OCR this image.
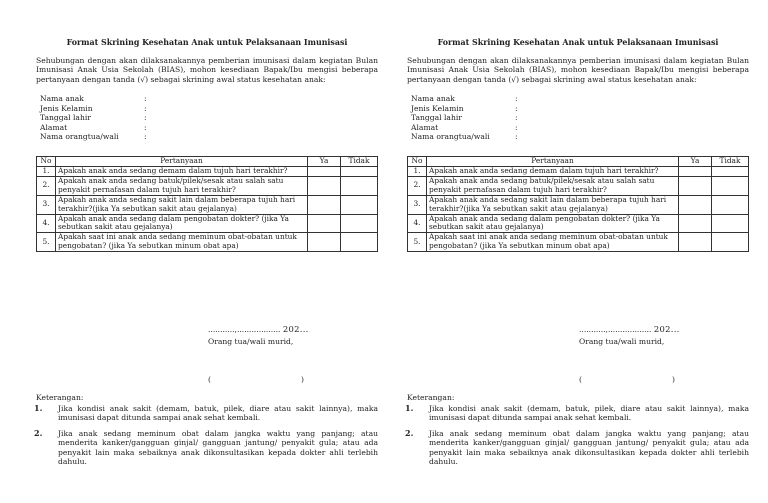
Format Skrining Kesehatan Anak untuk Pelaksanaan Imunisasi
Sehubungan dengan akan dilaksanakannya pemberian imunisasi dalam kegiatan Bulan Imunisasi Anak Usia Sekolah (BIAS), mohon kesediaan Bapak/Ibu mengisi beberapa pertanyaan dengan tanda (√) sebagai skrining awal status kesehatan anak:
Nama anak	:
Jenis Kelamin	:
Tanggal lahir	:
Alamat	:
Nama orangtua/wali	:
No	Pertanyaan	Ya	Tidak
1.	Apakah anak anda sedang demam dalam tujuh hari terakhir?		
2.	Apakah anak anda sedang batuk/pilek/sesak atau salah satu penyakit pernafasan dalam tujuh hari terakhir?		
3.	Apakah anak anda sedang sakit lain dalam beberapa tujuh hari terakhir?(jika Ya sebutkan sakit atau gejalanya)		
4.	Apakah anak anda sedang dalam pengobatan dokter? (jika Ya sebutkan sakit atau gejalanya)		
5.	Apakah saat ini anak anda sedang meminum obat-obatan untuk pengobatan? (jika Ya sebutkan minum obat apa)		
...........,.................. 202...
Orang tua/wali murid,
(	)
Keterangan:
1. Jika kondisi anak sakit (demam, batuk, pilek, diare atau sakit lainnya), maka imunisasi dapat ditunda sampai anak sehat kembali.
2. Jika anak sedang meminum obat dalam jangka waktu yang panjang; atau menderita kanker/gangguan ginjal/ gangguan jantung/ penyakit gula; atau ada penyakit lain maka sebaiknya anak dikonsultasikan kepada dokter ahli terlebih dahulu.
Format Skrining Kesehatan Anak untuk Pelaksanaan Imunisasi
Sehubungan dengan akan dilaksanakannya pemberian imunisasi dalam kegiatan Bulan Imunisasi Anak Usia Sekolah (BIAS), mohon kesediaan Bapak/Ibu mengisi beberapa pertanyaan dengan tanda (√) sebagai skrining awal status kesehatan anak:
Nama anak	:
Jenis Kelamin	:
Tanggal lahir	:
Alamat	:
Nama orangtua/wali	:
No	Pertanyaan	Ya	Tidak
1.	Apakah anak anda sedang demam dalam tujuh hari terakhir?		
2.	Apakah anak anda sedang batuk/pilek/sesak atau salah satu penyakit pernafasan dalam tujuh hari terakhir?		
3.	Apakah anak anda sedang sakit lain dalam beberapa tujuh hari terakhir?(jika Ya sebutkan sakit atau gejalanya)		
4.	Apakah anak anda sedang dalam pengobatan dokter? (jika Ya sebutkan sakit atau gejalanya)		
5.	Apakah saat ini anak anda sedang meminum obat-obatan untuk pengobatan? (jika Ya sebutkan minum obat apa)		
...........,.................. 202...
Orang tua/wali murid,
(	)
Keterangan:
1. Jika kondisi anak sakit (demam, batuk, pilek, diare atau sakit lainnya), maka imunisasi dapat ditunda sampai anak sehat kembali.
2. Jika anak sedang meminum obat dalam jangka waktu yang panjang; atau menderita kanker/gangguan ginjal/ gangguan jantung/ penyakit gula; atau ada penyakit lain maka sebaiknya anak dikonsultasikan kepada dokter ahli terlebih dahulu.
